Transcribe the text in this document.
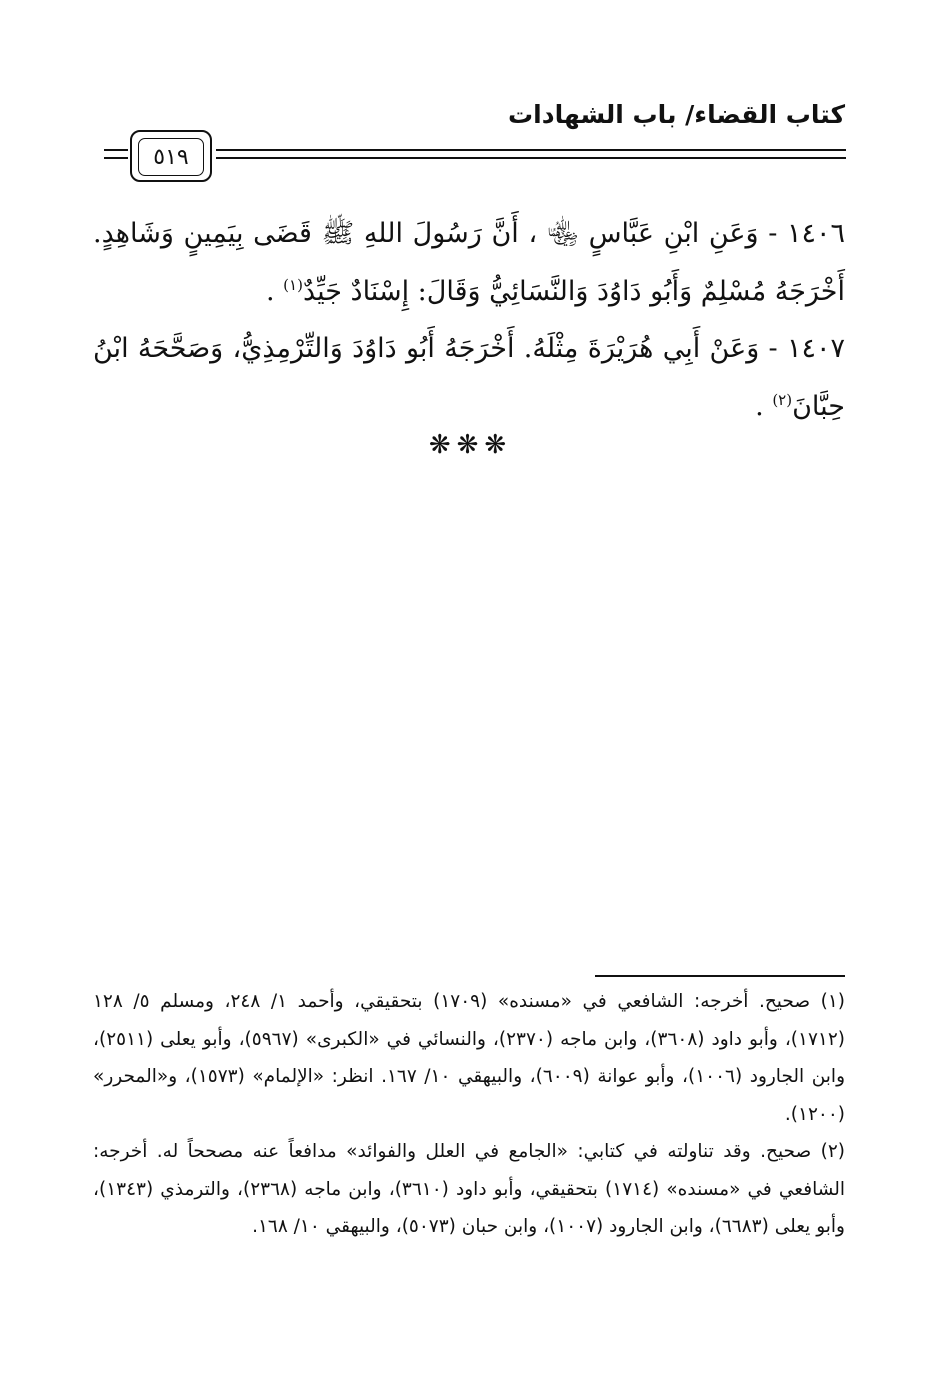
كتاب القضاء/ باب الشهادات
٥١٩
١٤٠٦ - وَعَنِ ابْنِ عَبَّاسٍ ﵄ ، أَنَّ رَسُولَ اللهِ ﷺ قَضَى بِيَمِينٍ وَشَاهِدٍ. أَخْرَجَهُ مُسْلِمٌ وَأَبُو دَاوُدَ وَالنَّسَائِيُّ وَقَالَ: إِسْنَادٌ جَيِّدٌ$^{(١)}$ .
١٤٠٧ - وَعَنْ أَبِي هُرَيْرَةَ مِثْلَهُ. أَخْرَجَهُ أَبُو دَاوُدَ وَالتِّرْمِذِيُّ، وَصَحَّحَهُ ابْنُ حِبَّانَ$^{(٢)}$ .
❋❋❋
(١) صحيح. أخرجه: الشافعي في «مسنده» (١٧٠٩) بتحقيقي، وأحمد ١/ ٢٤٨، ومسلم ٥/ ١٢٨ (١٧١٢)، وأبو داود (٣٦٠٨)، وابن ماجه (٢٣٧٠)، والنسائي في «الكبرى» (٥٩٦٧)، وأبو يعلى (٢٥١١)، وابن الجارود (١٠٠٦)، وأبو عوانة (٦٠٠٩)، والبيهقي ١٠/ ١٦٧. انظر: «الإلمام» (١٥٧٣)، و«المحرر» (١٢٠٠).
(٢) صحيح. وقد تناولته في كتابي: «الجامع في العلل والفوائد» مدافعاً عنه مصححاً له. أخرجه: الشافعي في «مسنده» (١٧١٤) بتحقيقي، وأبو داود (٣٦١٠)، وابن ماجه (٢٣٦٨)، والترمذي (١٣٤٣)، وأبو يعلى (٦٦٨٣)، وابن الجارود (١٠٠٧)، وابن حبان (٥٠٧٣)، والبيهقي ١٠/ ١٦٨.
